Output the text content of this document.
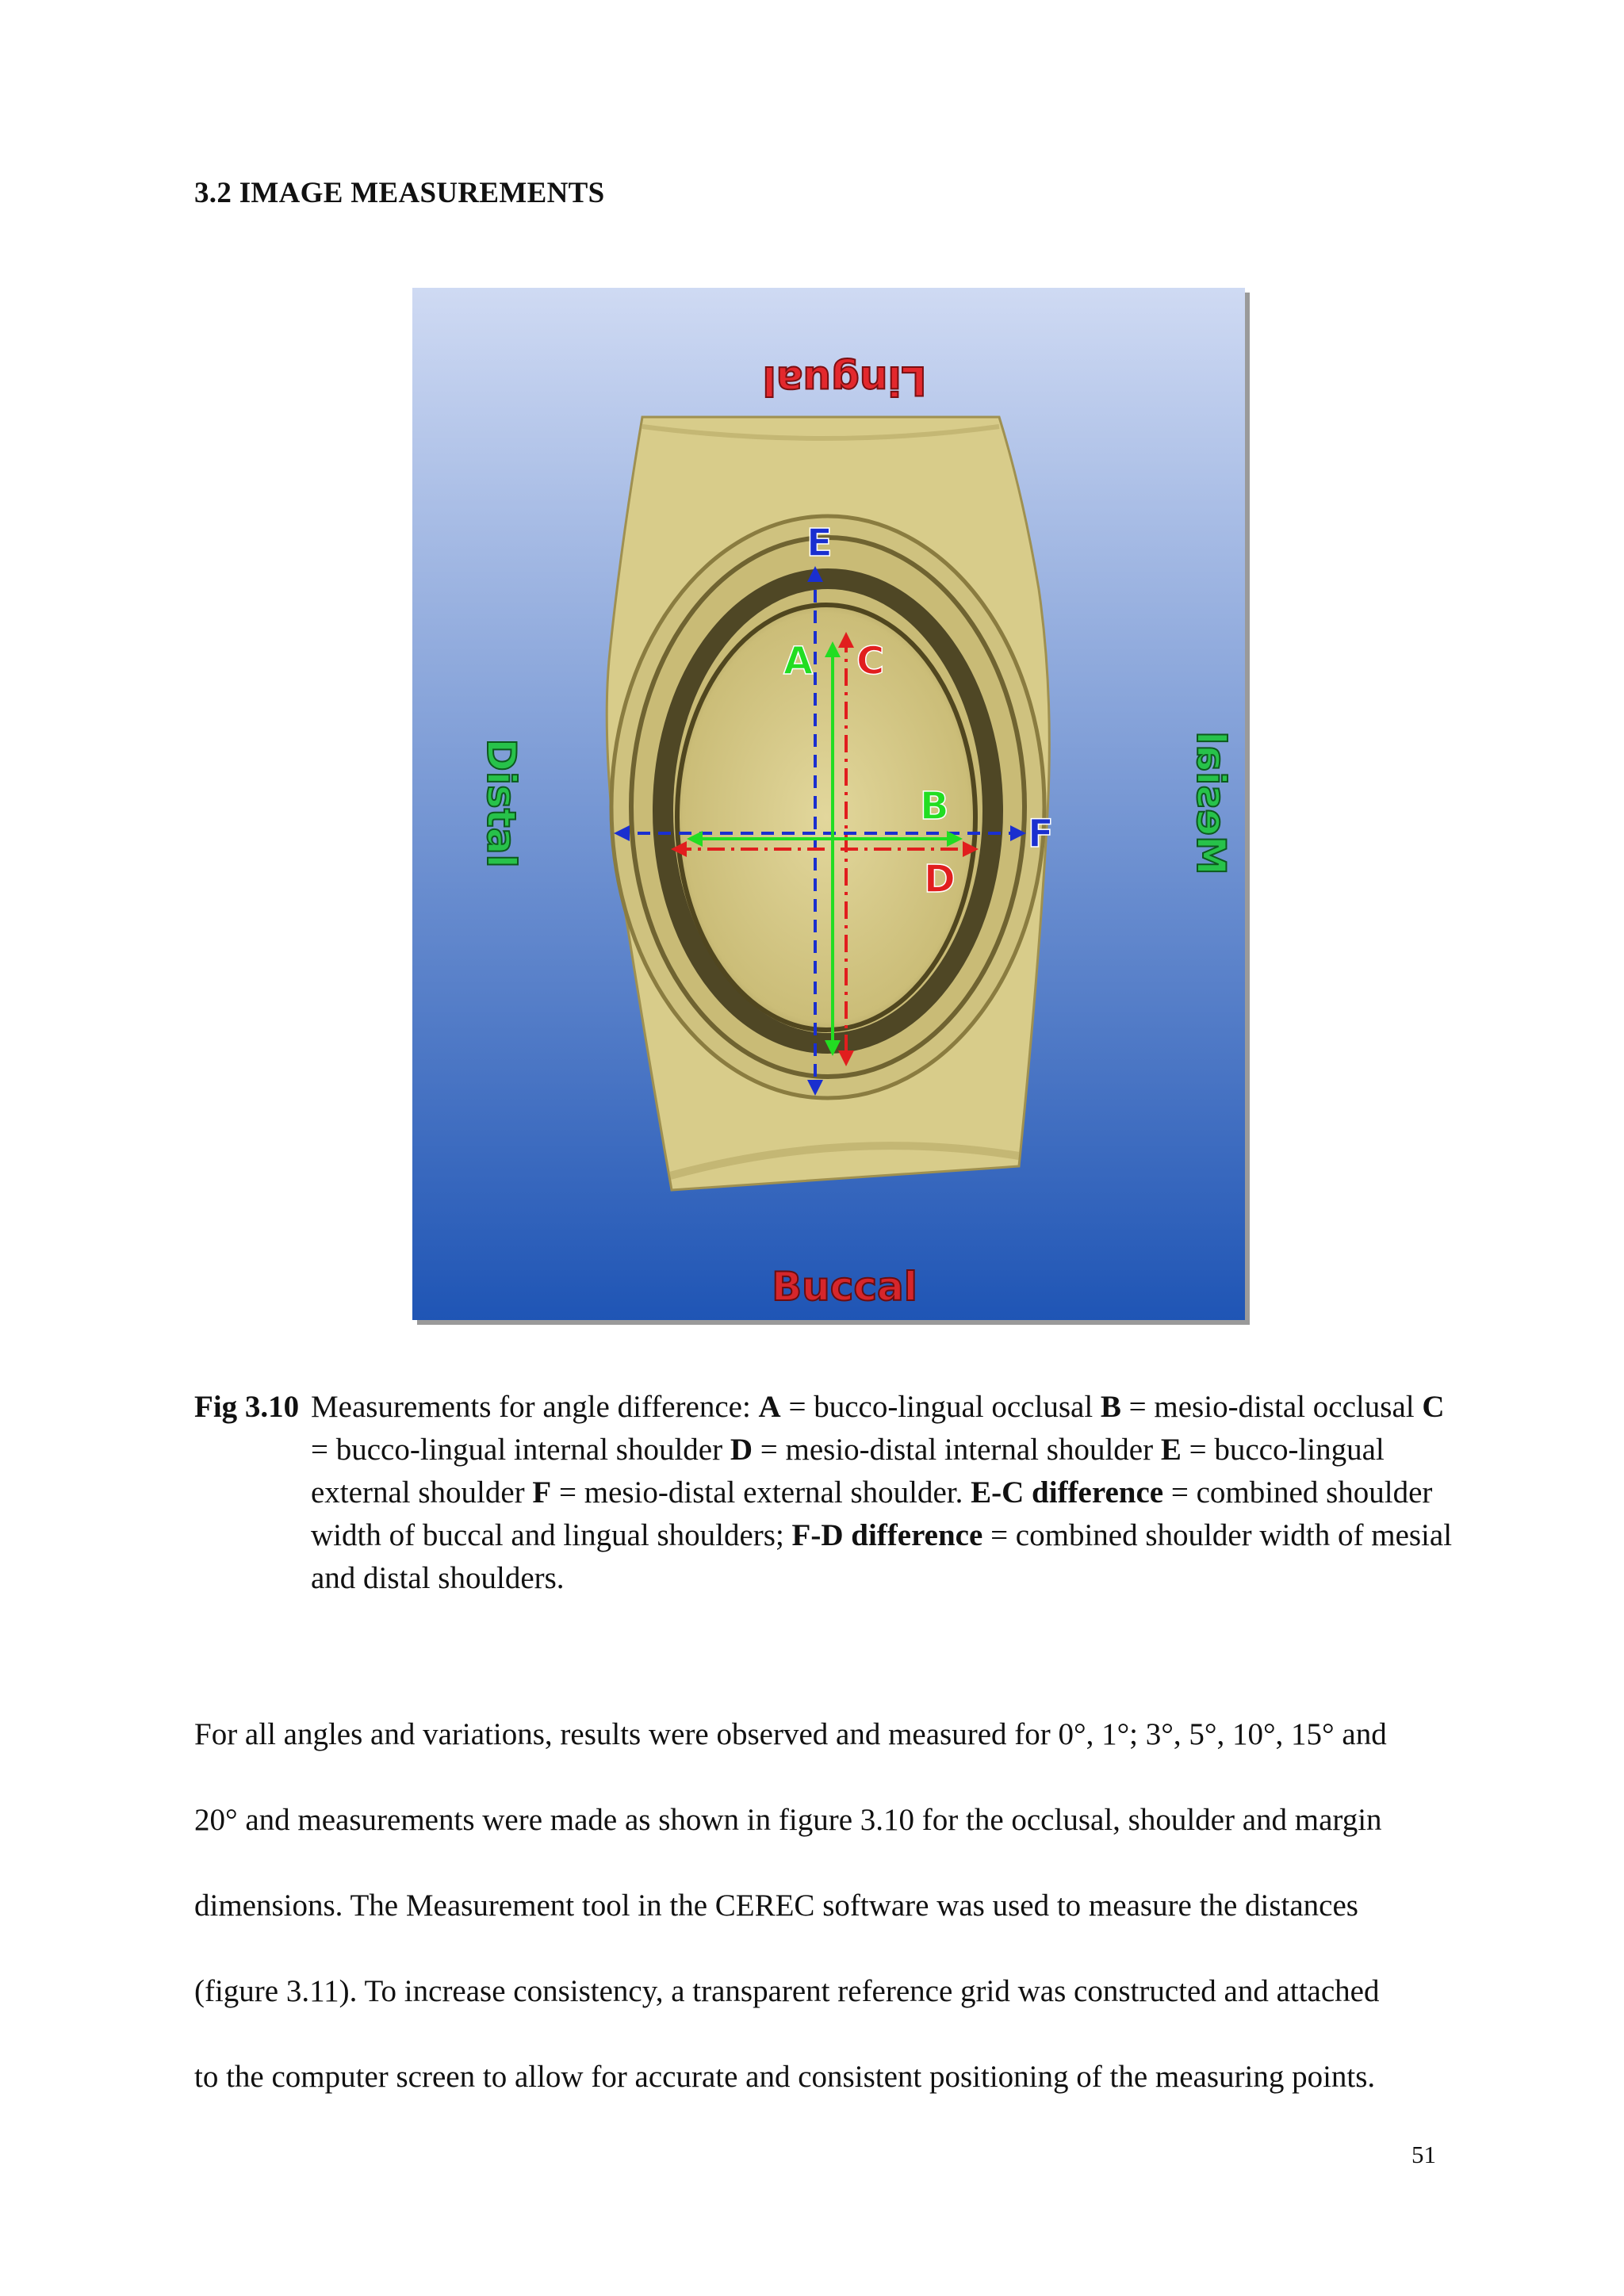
3.2 IMAGE MEASUREMENTS
E
A C
B
F
D
Lingual
Buccal
Distal	Mesial
Fig 3.10 Measurements for angle difference: A = bucco-lingual occlusal B = mesio-distal occlusal C = bucco-lingual internal shoulder D = mesio-distal internal shoulder E = bucco-lingual external shoulder F = mesio-distal external shoulder. E-C difference = combined shoulder width of buccal and lingual shoulders; F-D difference = combined shoulder width of mesial and distal shoulders.
For all angles and variations, results were observed and measured for 0°, 1°; 3°, 5°, 10°, 15° and
20° and measurements were made as shown in figure 3.10 for the occlusal, shoulder and margin
dimensions. The Measurement tool in the CEREC software was used to measure the distances
(figure 3.11). To increase consistency, a transparent reference grid was constructed and attached
to the computer screen to allow for accurate and consistent positioning of the measuring points.
51
